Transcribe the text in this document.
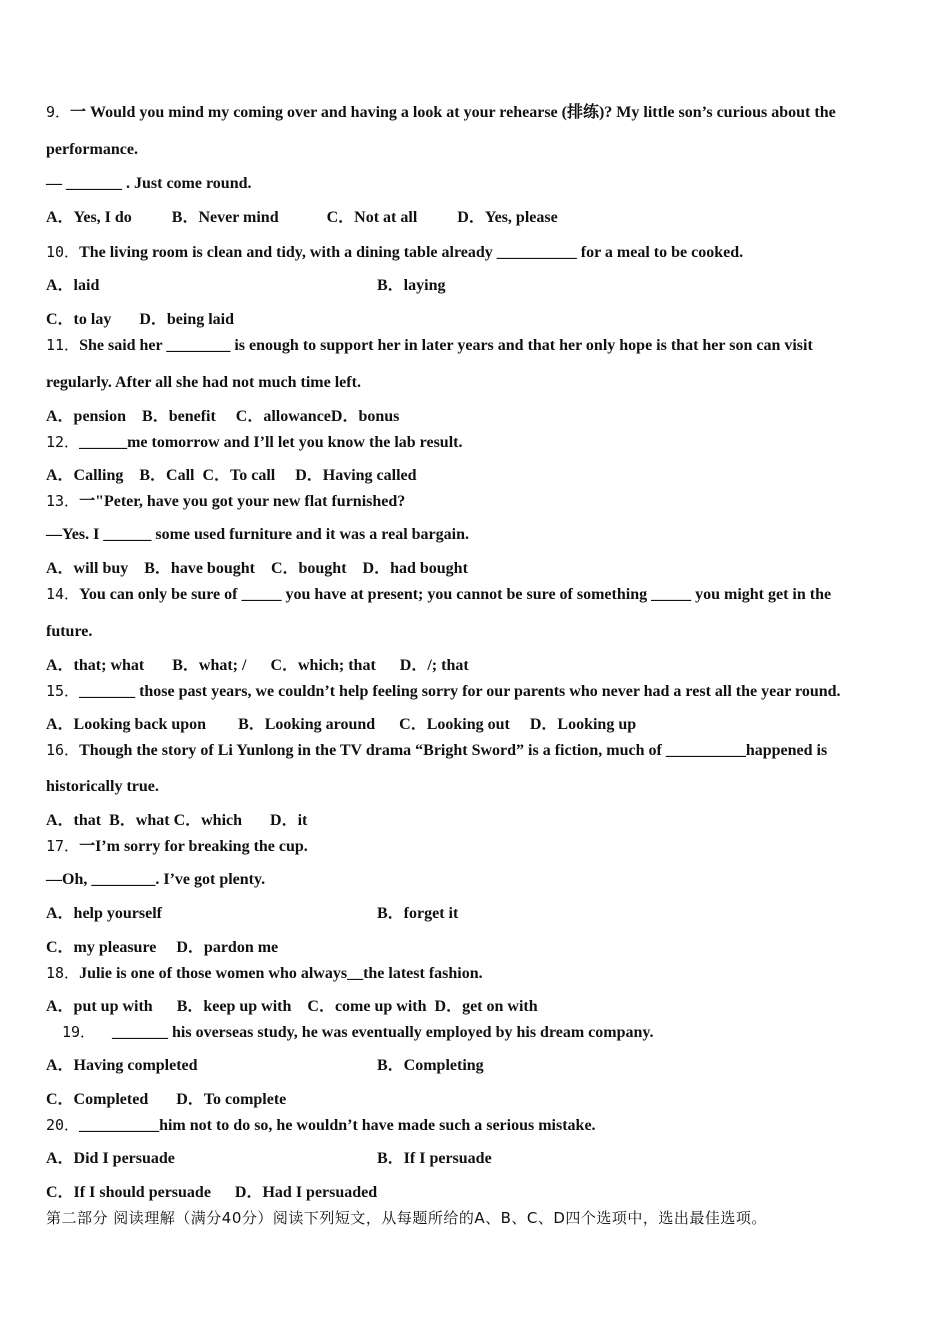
9．一 Would you mind my coming over and having a look at your rehearse (排练)? My little son’s curious about the
performance.
— _______ . Just come round.
A．Yes, I do          B．Never mind            C．Not at all          D．Yes, please
10．The living room is clean and tidy, with a dining table already __________ for a meal to be cooked.
A．laid	B．laying
C．to lay       D．being laid
11．She said her ________ is enough to support her in later years and that her only hope is that her son can visit
regularly. After all she had not much time left.
A．pension    B．benefit     C．allowanceD．bonus
12．______me tomorrow and I’ll let you know the lab result.
A．Calling    B．Call  C．To call     D．Having called
13．一"Peter, have you got your new flat furnished?
—Yes. I ______ some used furniture and it was a real bargain.
A．will buy    B．have bought    C．bought    D．had bought
14．You can only be sure of _____ you have at present; you cannot be sure of something _____ you might get in the
future.
A．that; what       B．what; /      C．which; that      D．/; that
15．_______ those past years, we couldn’t help feeling sorry for our parents who never had a rest all the year round.
A．Looking back upon        B．Looking around      C．Looking out     D．Looking up
16．Though the story of Li Yunlong in the TV drama “Bright Sword” is a fiction, much of __________happened is
historically true.
A．that  B．what C．which       D．it
17．一I’m sorry for breaking the cup.
—Oh, ________. I’ve got plenty.
A．help yourself	B．forget it
C．my pleasure     D．pardon me
18．Julie is one of those women who always__the latest fashion.
A．put up with      B．keep up with    C．come up with  D．get on with
19． _______ his overseas study, he was eventually employed by his dream company.
A．Having completed	B．Completing
C．Completed       D．To complete
20．__________him not to do so, he wouldn’t have made such a serious mistake.
A．Did I persuade	B．If I persuade
C．If I should persuade      D．Had I persuaded
第二部分 阅读理解（满分40分）阅读下列短文，从每题所给的A、B、C、D四个选项中，选出最佳选项。
